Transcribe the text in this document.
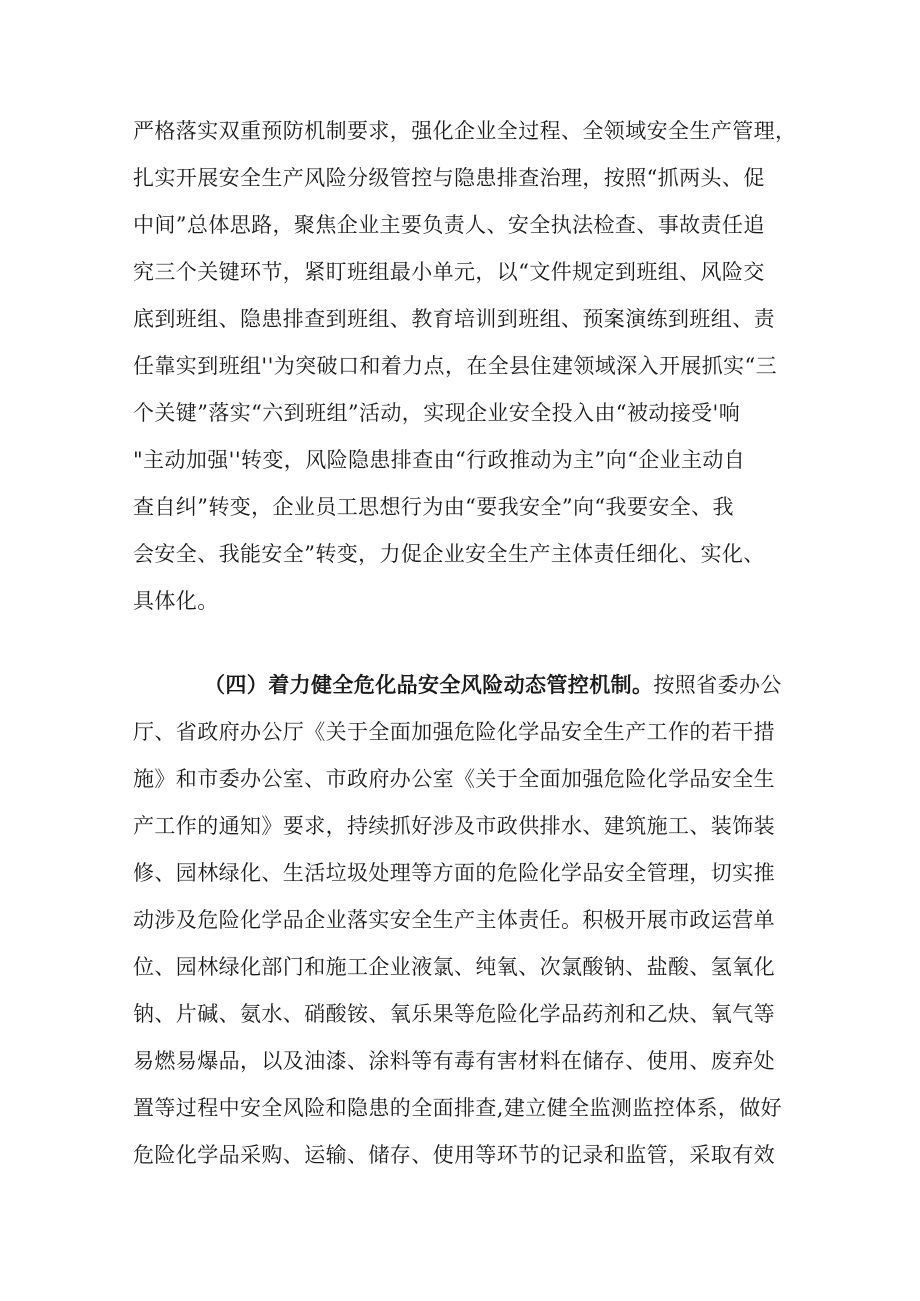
严格落实双重预防机制要求，强化企业全过程、全领域安全生产管理，
扎实开展安全生产风险分级管控与隐患排查治理，按照“抓两头、促
中间”总体思路，聚焦企业主要负责人、安全执法检查、事故责任追
究三个关键环节，紧盯班组最小单元，以“文件规定到班组、风险交
底到班组、隐患排查到班组、教育培训到班组、预案演练到班组、责
任靠实到班组''为突破口和着力点，在全县住建领域深入开展抓实“三
个关键”落实“六到班组”活动，实现企业安全投入由“被动接受'响
"主动加强''转变，风险隐患排查由“行政推动为主”向“企业主动自
查自纠”转变，企业员工思想行为由“要我安全”向“我要安全、我
会安全、我能安全”转变，力促企业安全生产主体责任细化、实化、
具体化。
（四）着力健全危化品安全风险动态管控机制。按照省委办公
厅、省政府办公厅《关于全面加强危险化学品安全生产工作的若干措
施》和市委办公室、市政府办公室《关于全面加强危险化学品安全生
产工作的通知》要求，持续抓好涉及市政供排水、建筑施工、装饰装
修、园林绿化、生活垃圾处理等方面的危险化学品安全管理，切实推
动涉及危险化学品企业落实安全生产主体责任。积极开展市政运营单
位、园林绿化部门和施工企业液氯、纯氧、次氯酸钠、盐酸、氢氧化
钠、片碱、氨水、硝酸铵、氧乐果等危险化学品药剂和乙炔、氧气等
易燃易爆品，以及油漆、涂料等有毒有害材料在储存、使用、废弃处
置等过程中安全风险和隐患的全面排查,建立健全监测监控体系，做好
危险化学品采购、运输、储存、使用等环节的记录和监管，采取有效
